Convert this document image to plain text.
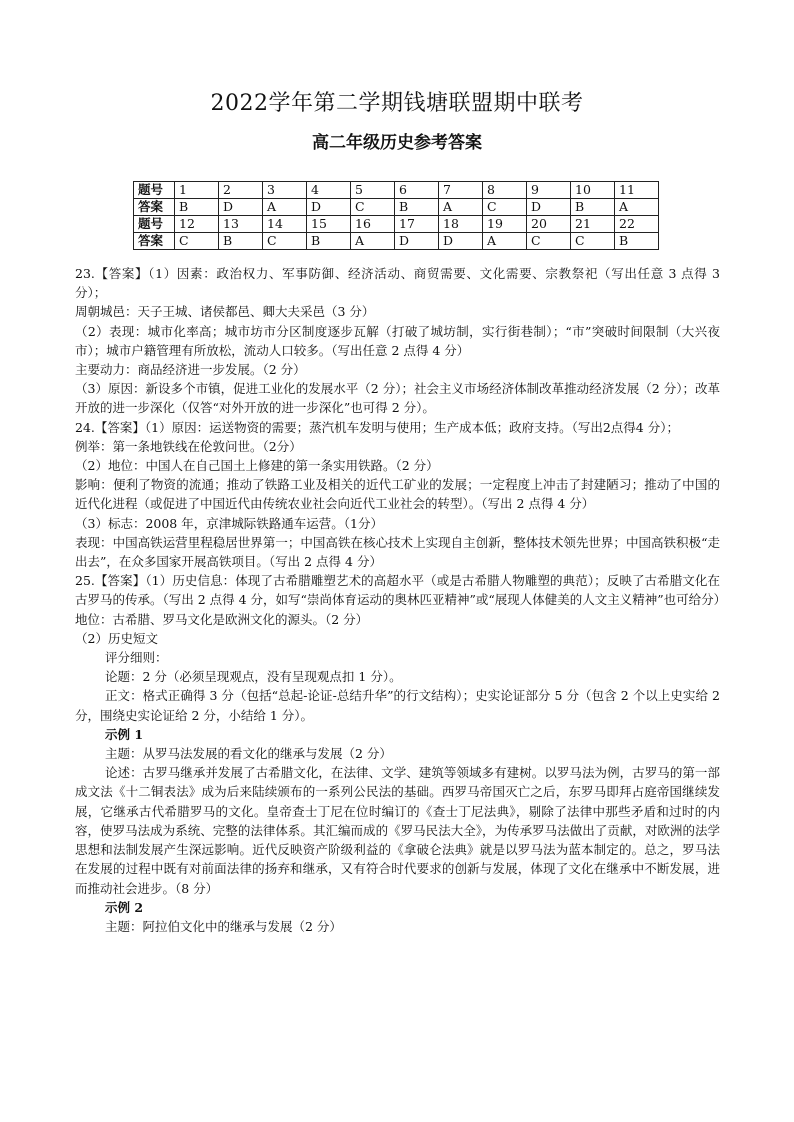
2022学年第二学期钱塘联盟期中联考
高二年级历史参考答案
题号	1	2	3	4	5	6	7	8	9	10	11
答案	B	D	A	D	C	B	A	C	D	B	A
题号	12	13	14	15	16	17	18	19	20	21	22
答案	C	B	C	B	A	D	D	A	C	C	B

23.【答案】（1）因素：政治权力、军事防御、经济活动、商贸需要、文化需要、宗教祭祀（写出任意 3 点得 3 分）；

周朝城邑：天子王城、诸侯都邑、卿大夫采邑（3 分）

（2）表现：城市化率高；城市坊市分区制度逐步瓦解（打破了城坊制，实行街巷制）；“市”突破时间限制（大兴夜市）；城市户籍管理有所放松，流动人口较多。（写出任意 2 点得 4 分）

主要动力：商品经济进一步发展。（2 分）

（3）原因：新设多个市镇，促进工业化的发展水平（2 分）；社会主义市场经济体制改革推动经济发展（2 分）；改革开放的进一步深化（仅答“对外开放的进一步深化”也可得 2 分）。

24.【答案】（1）原因：运送物资的需要；蒸汽机车发明与使用；生产成本低；政府支持。（写出2点得4 分）；

例举：第一条地铁线在伦敦问世。（2分）

（2）地位：中国人在自己国土上修建的第一条实用铁路。（2 分）

影响：便利了物资的流通；推动了铁路工业及相关的近代工矿业的发展；一定程度上冲击了封建陋习；推动了中国的近代化进程（或促进了中国近代由传统农业社会向近代工业社会的转型）。（写出 2 点得 4 分）

（3）标志：2008 年，京津城际铁路通车运营。（1分）

表现：中国高铁运营里程稳居世界第一；中国高铁在核心技术上实现自主创新，整体技术领先世界；中国高铁积极“走出去”，在众多国家开展高铁项目。（写出 2 点得 4 分）

25.【答案】（1）历史信息：体现了古希腊雕塑艺术的高超水平（或是古希腊人物雕塑的典范）；反映了古希腊文化在古罗马的传承。（写出 2 点得 4 分，如写“崇尚体育运动的奥林匹亚精神”或“展现人体健美的人文主义精神”也可给分）

地位：古希腊、罗马文化是欧洲文化的源头。（2 分）

（2）历史短文

评分细则：

论题：2 分（必须呈现观点，没有呈现观点扣 1 分）。

正文：格式正确得 3 分（包括“总起-论证-总结升华”的行文结构）；史实论证部分 5 分（包含 2 个以上史实给 2 分，围绕史实论证给 2 分，小结给 1 分）。

示例 1

主题：从罗马法发展的看文化的继承与发展（2 分）

论述：古罗马继承并发展了古希腊文化，在法律、文学、建筑等领域多有建树。以罗马法为例，古罗马的第一部成文法《十二铜表法》成为后来陆续颁布的一系列公民法的基础。西罗马帝国灭亡之后，东罗马即拜占庭帝国继续发展，它继承古代希腊罗马的文化。皇帝查士丁尼在位时编订的《查士丁尼法典》，剔除了法律中那些矛盾和过时的内容，使罗马法成为系统、完整的法律体系。其汇编而成的《罗马民法大全》，为传承罗马法做出了贡献，对欧洲的法学思想和法制发展产生深远影响。近代反映资产阶级利益的《拿破仑法典》就是以罗马法为蓝本制定的。总之，罗马法在发展的过程中既有对前面法律的扬弃和继承，又有符合时代要求的创新与发展，体现了文化在继承中不断发展，进而推动社会进步。（8 分）

示例 2

主题：阿拉伯文化中的继承与发展（2 分）
